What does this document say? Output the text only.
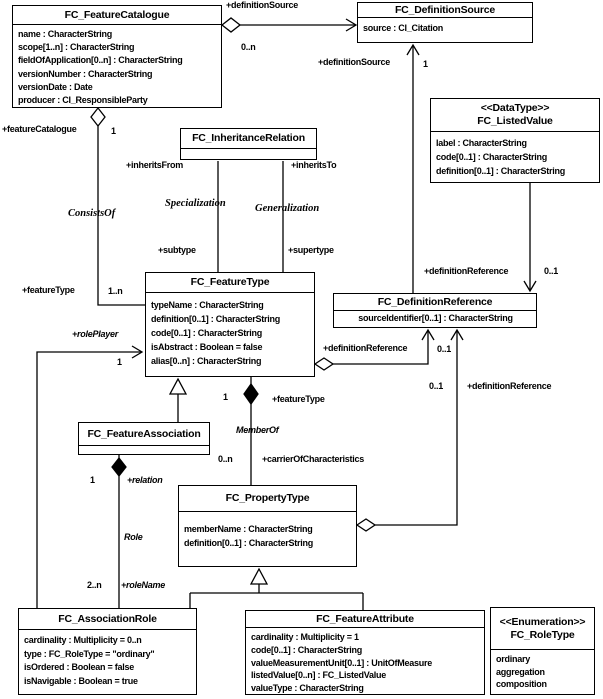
FC_FeatureCatalogue
name : CharacterString
scope[1..n] : CharacterString
fieldOfApplication[0..n] : CharacterString
versionNumber : CharacterString
versionDate : Date
producer : CI_ResponsibleParty
FC_DefinitionSource
source : CI_Citation
<<DataType>>
FC_ListedValue
label : CharacterString
code[0..1] : CharacterString
definition[0..1] : CharacterString
FC_InheritanceRelation
FC_FeatureType
typeName : CharacterString
definition[0..1] : CharacterString
code[0..1] : CharacterString
isAbstract : Boolean = false
alias[0..n] : CharacterString
FC_DefinitionReference
sourceIdentifier[0..1] : CharacterString
FC_FeatureAssociation
FC_PropertyType
memberName : CharacterString
definition[0..1] : CharacterString
FC_AssociationRole
cardinality : Multiplicity = 0..n
type : FC_RoleType = "ordinary"
isOrdered : Boolean = false
isNavigable : Boolean = true
FC_FeatureAttribute
cardinality : Multiplicity = 1
code[0..1] : CharacterString
valueMeasurementUnit[0..1] : UnitOfMeasure
listedValue[0..n] : FC_ListedValue
valueType : CharacterString
<<Enumeration>>
FC_RoleType
ordinary
aggregation
composition
+definitionSource
0..n
+featureCatalogue	1
ConsistsOf
+featureType	1..n
+inheritsFrom	+inheritsTo
Specialization	Generalization
+subtype	+supertype
+definitionSource	1
+definitionReference	0..1
+definitionReference	0..1
0..1	+definitionReference
+rolePlayer
1
1	+featureType
MemberOf
0..n	+carrierOfCharacteristics
1	+relation
Role
2..n +roleName
